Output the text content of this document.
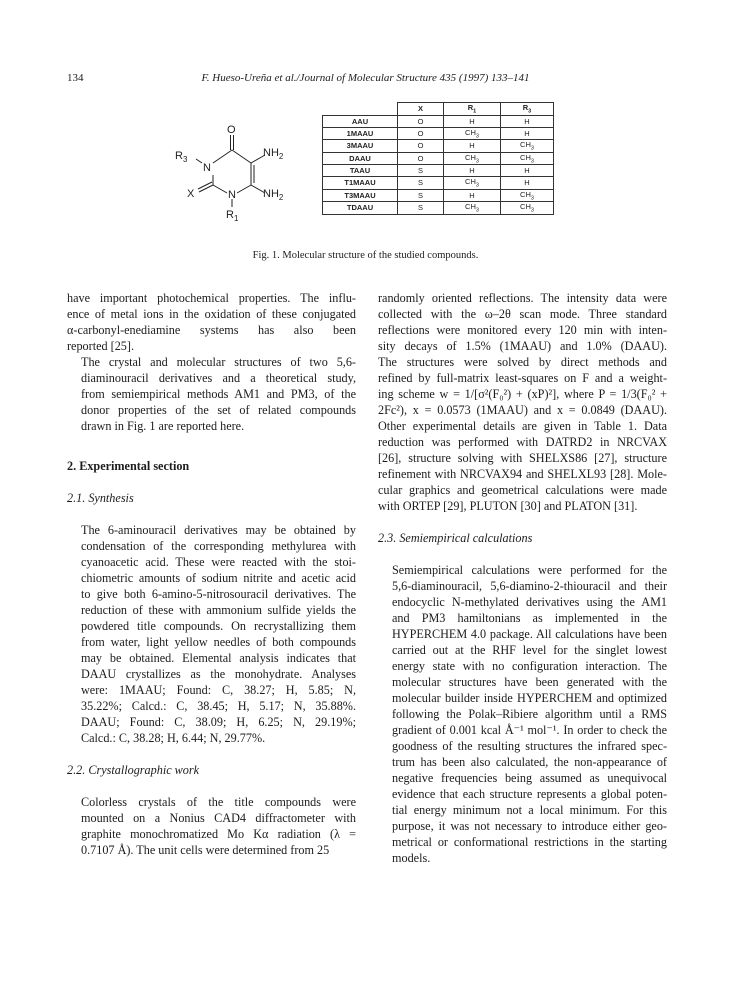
134	F. Hueso-Ureña et al./Journal of Molecular Structure 435 (1997) 133–141
O
$R_3$
N
$NH_2$
X	N $NH_2$
$R_1$
	X	$R_1$	$R_3$
AAU	O	H	H
1MAAU	O	$CH_3$	H
3MAAU	O	H	$CH_3$
DAAU	O	$CH_3$	$CH_3$
TAAU	S	H	H
T1MAAU	S	$CH_3$	H
T3MAAU	S	H	$CH_3$
TDAAU	S	$CH_3$	$CH_3$
Fig. 1. Molecular structure of the studied compounds.

have important photochemical properties. The influ-
ence of metal ions in the oxidation of these conjugated
α-carbonyl-enediamine systems has also been
reported [25].

The crystal and molecular structures of two 5,6-
diaminouracil derivatives and a theoretical study,
from semiempirical methods AM1 and PM3, of the
donor properties of the set of related compounds
drawn in Fig. 1 are reported here.

2. Experimental section

2.1. Synthesis

The 6-aminouracil derivatives may be obtained by
condensation of the corresponding methylurea with
cyanoacetic acid. These were reacted with the stoi-
chiometric amounts of sodium nitrite and acetic acid
to give both 6-amino-5-nitrosouracil derivatives. The
reduction of these with ammonium sulfide yields the
powdered title compounds. On recrystallizing them
from water, light yellow needles of both compounds
may be obtained. Elemental analysis indicates that
DAAU crystallizes as the monohydrate. Analyses
were: 1MAAU; Found: C, 38.27; H, 5.85; N,
35.22%; Calcd.: C, 38.45; H, 5.17; N, 35.88%.
DAAU; Found: C, 38.09; H, 6.25; N, 29.19%;
Calcd.: C, 38.28; H, 6.44; N, 29.77%.

2.2. Crystallographic work

Colorless crystals of the title compounds were
mounted on a Nonius CAD4 diffractometer with
graphite monochromatized Mo Kα radiation (λ =
0.7107 Å). The unit cells were determined from 25

randomly oriented reflections. The intensity data were
collected with the ω–2θ scan mode. Three standard
reflections were monitored every 120 min with inten-
sity decays of 1.5% (1MAAU) and 1.0% (DAAU).
The structures were solved by direct methods and
refined by full-matrix least-squares on F and a weight-
ing scheme w = 1/[σ²(F₀²) + (xP)²], where P = 1/3(F₀² +
2Fc²), x = 0.0573 (1MAAU) and x = 0.0849 (DAAU).
Other experimental details are given in Table 1. Data
reduction was performed with DATRD2 in NRCVAX
[26], structure solving with SHELXS86 [27], structure
refinement with NRCVAX94 and SHELXL93 [28]. Mole-
cular graphics and geometrical calculations were made
with ORTEP [29], PLUTON [30] and PLATON [31].

2.3. Semiempirical calculations

Semiempirical calculations were performed for the
5,6-diaminouracil, 5,6-diamino-2-thiouracil and their
endocyclic N-methylated derivatives using the AM1
and PM3 hamiltonians as implemented in the
HYPERCHEM 4.0 package. All calculations have been
carried out at the RHF level for the singlet lowest
energy state with no configuration interaction. The
molecular structures have been generated with the
molecular builder inside HYPERCHEM and optimized
following the Polak–Ribiere algorithm until a RMS
gradient of 0.001 kcal Å⁻¹ mol⁻¹. In order to check the
goodness of the resulting structures the infrared spec-
trum has been also calculated, the non-appearance of
negative frequencies being assumed as unequivocal
evidence that each structure represents a global poten-
tial energy minimum not a local minimum. For this
purpose, it was not necessary to introduce either geo-
metrical or conformational restrictions in the starting
models.
